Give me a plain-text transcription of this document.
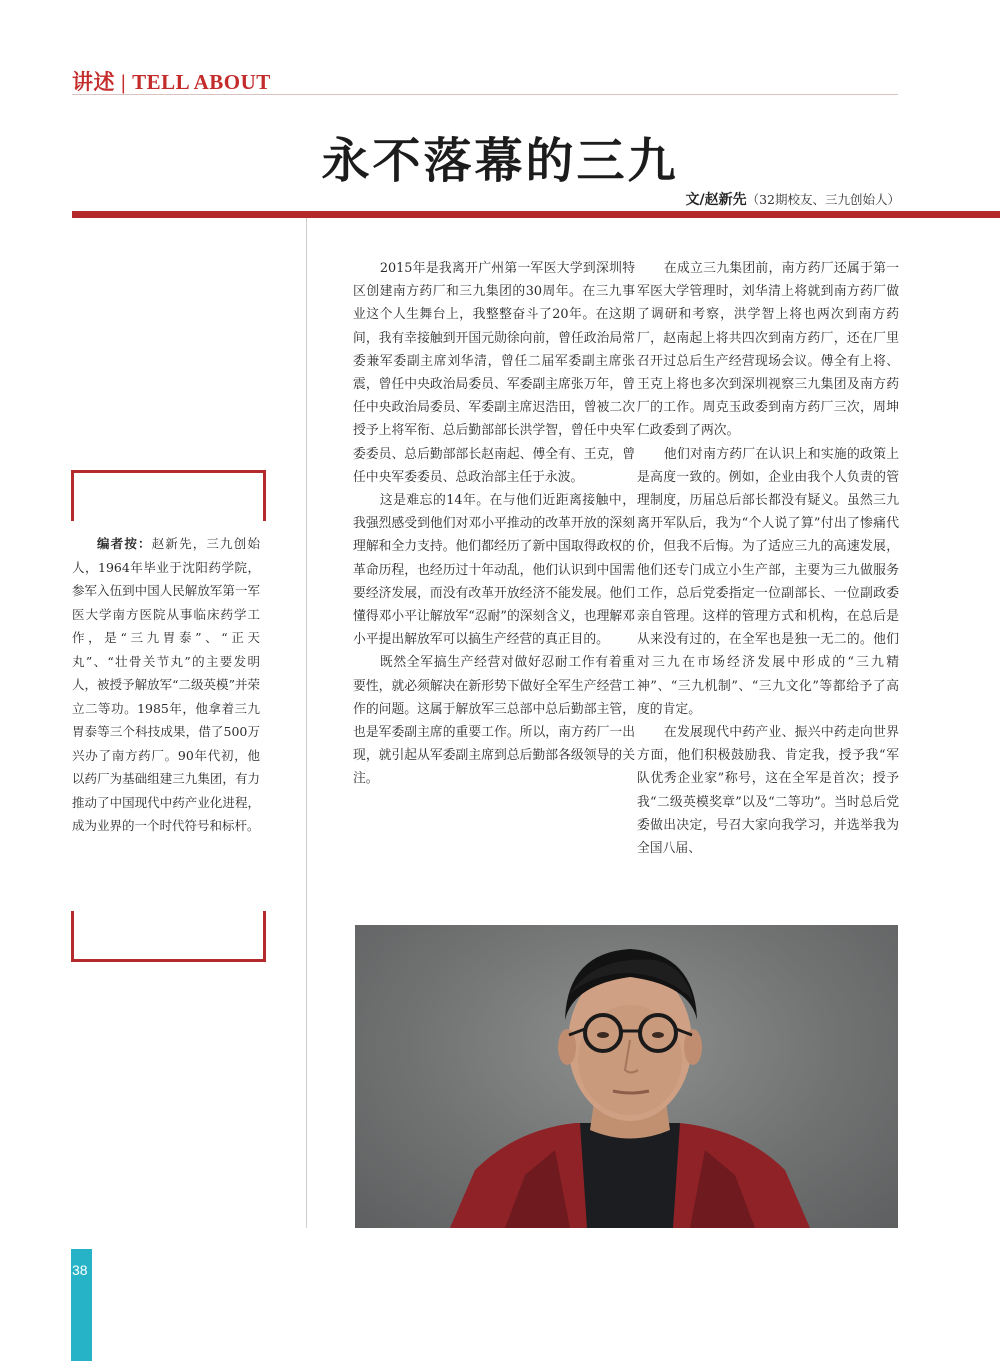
讲述 | TELL ABOUT
永不落幕的三九
文/赵新先（32期校友、三九创始人）
编者按：赵新先，三九创始人，1964年毕业于沈阳药学院，参军入伍到中国人民解放军第一军医大学南方医院从事临床药学工作，是“三九胃泰”、“正天丸”、“壮骨关节丸”的主要发明人，被授予解放军“二级英模”并荣立二等功。1985年，他拿着三九胃泰等三个科技成果，借了500万兴办了南方药厂。90年代初，他以药厂为基础组建三九集团，有力推动了中国现代中药产业化进程，成为业界的一个时代符号和标杆。

2015年是我离开广州第一军医大学到深圳特区创建南方药厂和三九集团的30周年。在三九事业这个人生舞台上，我整整奋斗了20年。在这期间，我有幸接触到开国元勋徐向前，曾任政治局常委兼军委副主席刘华清，曾任二届军委副主席张震，曾任中央政治局委员、军委副主席张万年，曾任中央政治局委员、军委副主席迟浩田，曾被二次授予上将军衔、总后勤部部长洪学智，曾任中央军委委员、总后勤部部长赵南起、傅全有、王克，曾任中央军委委员、总政治部主任于永波。

这是难忘的14年。在与他们近距离接触中，我强烈感受到他们对邓小平推动的改革开放的深刻理解和全力支持。他们都经历了新中国取得政权的革命历程，也经历过十年动乱，他们认识到中国需要经济发展，而没有改革开放经济不能发展。他们懂得邓小平让解放军“忍耐”的深刻含义，也理解邓小平提出解放军可以搞生产经营的真正目的。

既然全军搞生产经营对做好忍耐工作有着重要性，就必须解决在新形势下做好全军生产经营工作的问题。这属于解放军三总部中总后勤部主管，也是军委副主席的重要工作。所以，南方药厂一出现，就引起从军委副主席到总后勤部各级领导的关注。

在成立三九集团前，南方药厂还属于第一军医大学管理时，刘华清上将就到南方药厂做了调研和考察，洪学智上将也两次到南方药厂，赵南起上将共四次到南方药厂，还在厂里召开过总后生产经营现场会议。傅全有上将、王克上将也多次到深圳视察三九集团及南方药厂的工作。周克玉政委到南方药厂三次，周坤仁政委到了两次。

他们对南方药厂在认识上和实施的政策上是高度一致的。例如，企业由我个人负责的管理制度，历届总后部长都没有疑义。虽然三九离开军队后，我为“个人说了算”付出了惨痛代价，但我不后悔。为了适应三九的高速发展，他们还专门成立小生产部，主要为三九做服务工作，总后党委指定一位副部长、一位副政委亲自管理。这样的管理方式和机构，在总后是从来没有过的，在全军也是独一无二的。他们对三九在市场经济发展中形成的“三九精神”、“三九机制”、“三九文化”等都给予了高度的肯定。

在发展现代中药产业、振兴中药走向世界方面，他们积极鼓励我、肯定我，授予我“军队优秀企业家”称号，这在全军是首次；授予我“二级英模奖章”以及“二等功”。当时总后党委做出决定，号召大家向我学习，并选举我为全国八届、

38
